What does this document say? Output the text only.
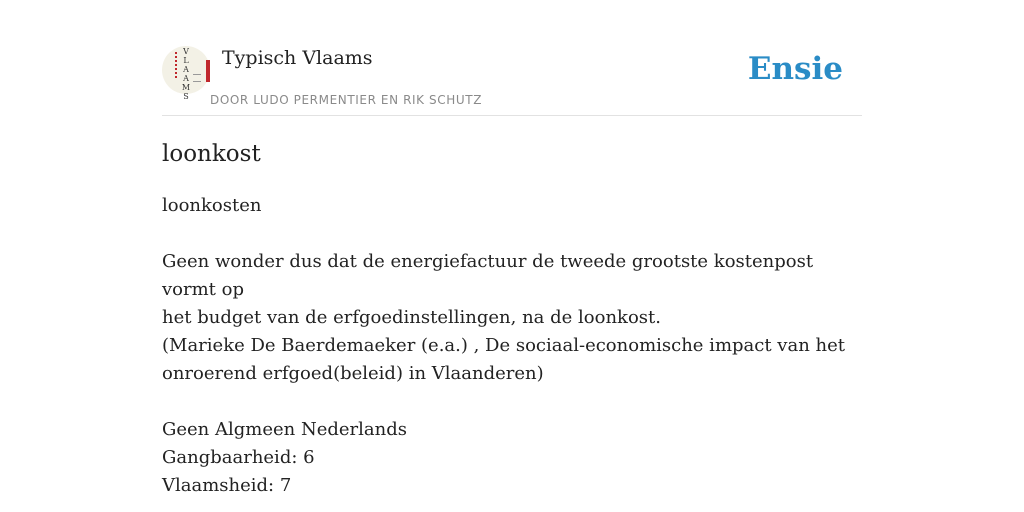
V
L
A
A
M
S
Typisch Vlaams
DOOR LUDO PERMENTIER EN RIK SCHUTZ
Ensie
loonkost

loonkosten

Geen wonder dus dat de energiefactuur de tweede grootste kostenpost vormt op

het budget van de erfgoedinstellingen, na de loonkost.

(Marieke De Baerdemaeker (e.a.) , De sociaal-economische impact van het

onroerend erfgoed(beleid) in Vlaanderen)

Geen Algmeen Nederlands

Gangbaarheid: 6

Vlaamsheid: 7
